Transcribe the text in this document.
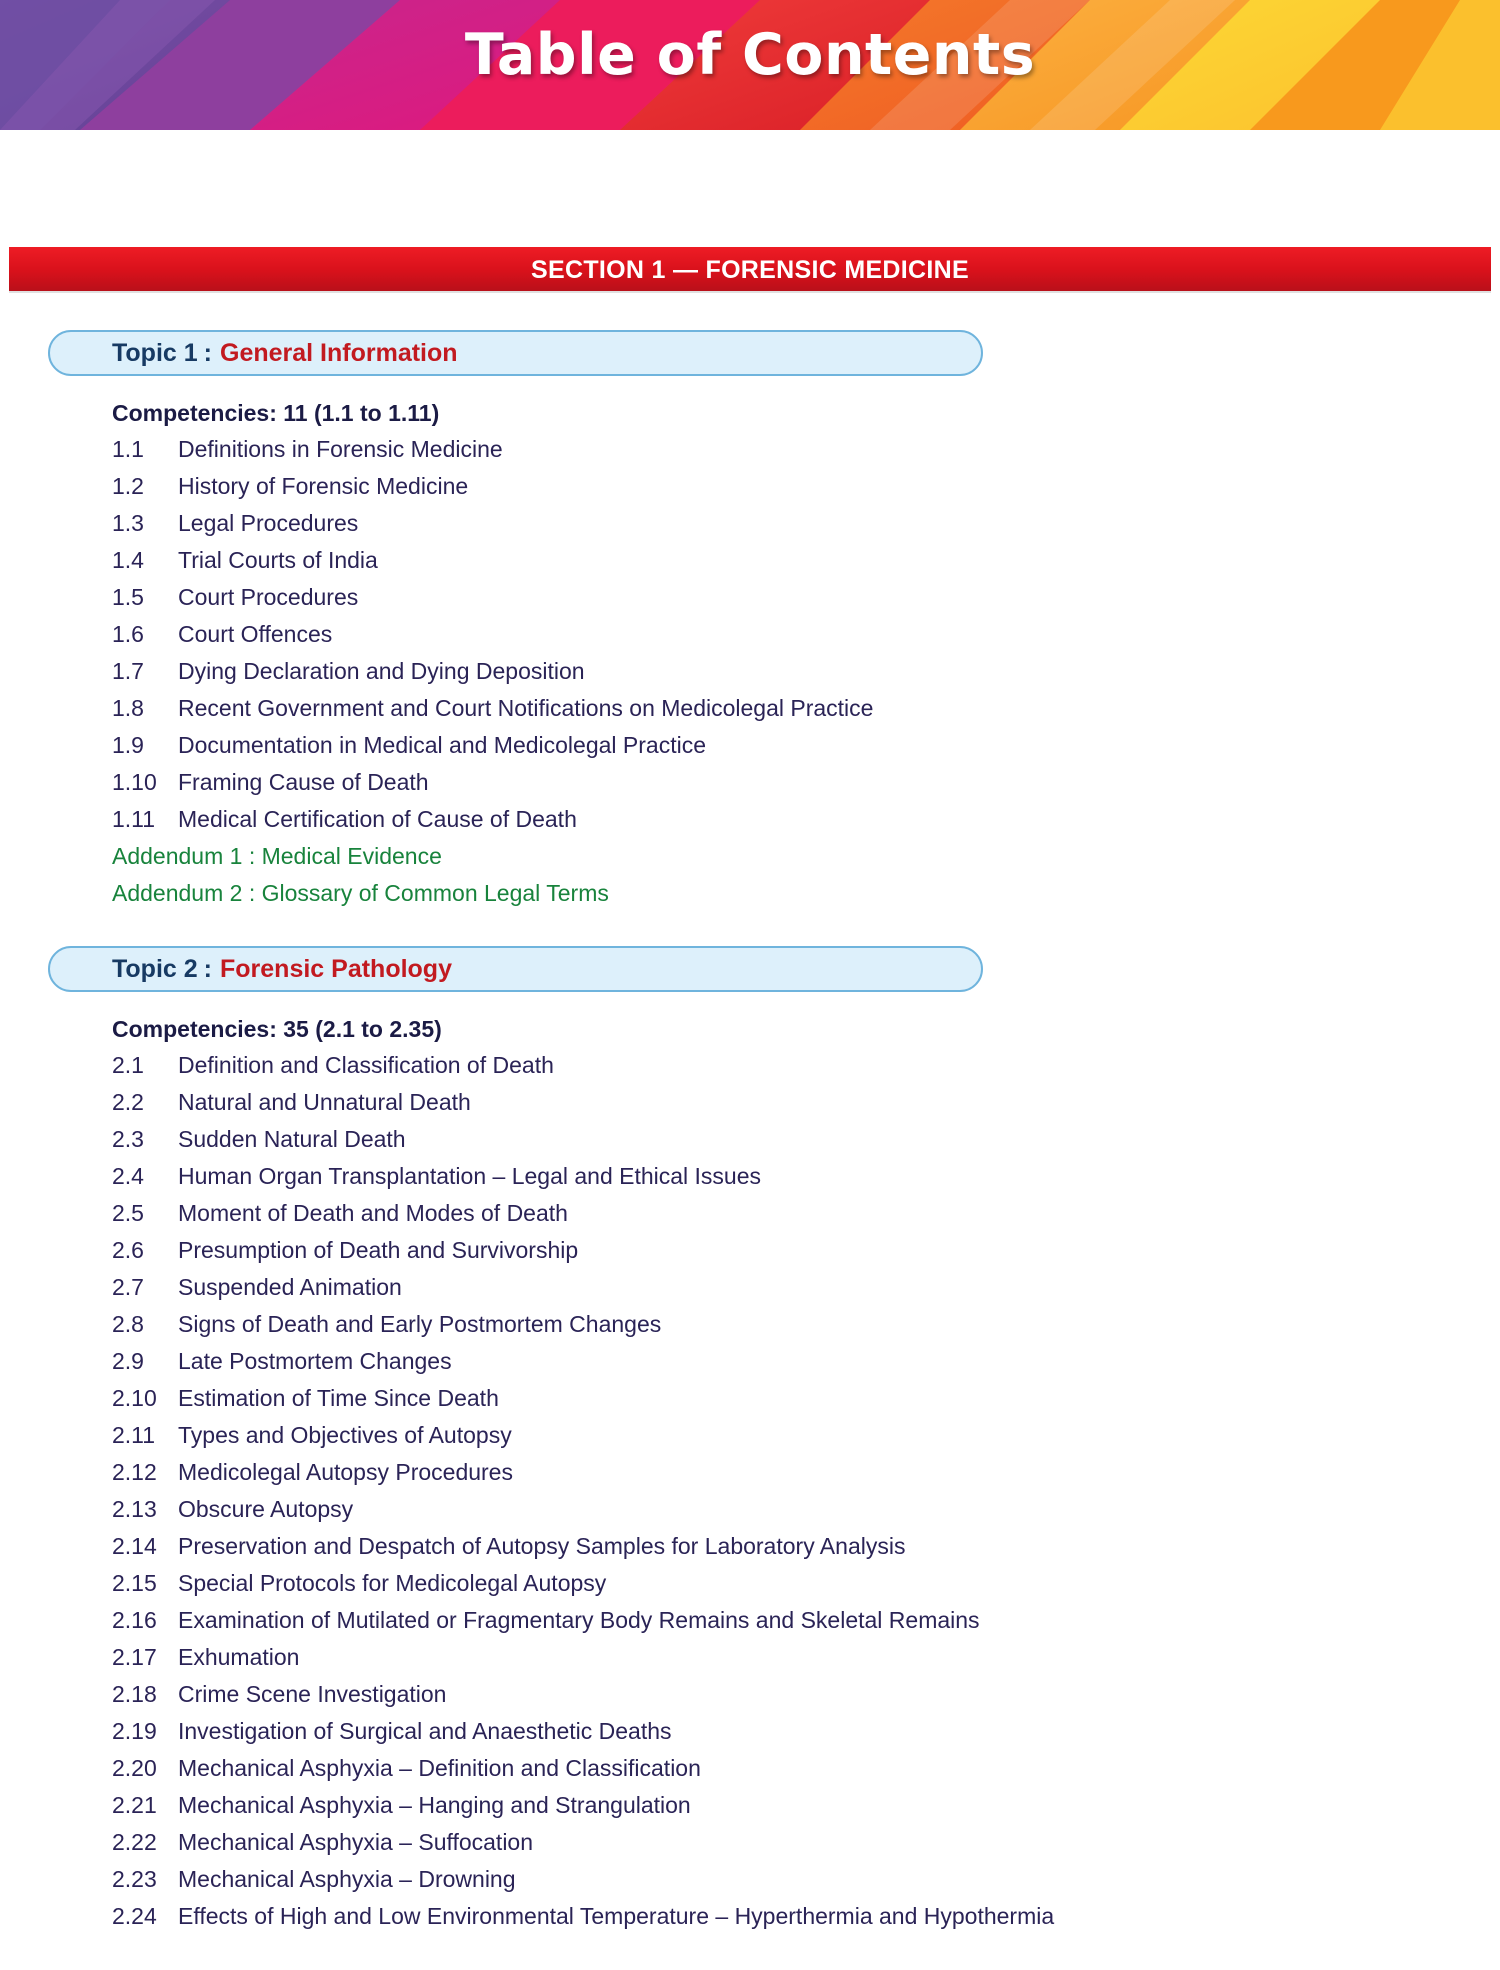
Table of Contents
SECTION 1 — FORENSIC MEDICINE
Topic 1 : General Information
Competencies: 11 (1.1 to 1.11)
1.1	Definitions in Forensic Medicine
1.2	History of Forensic Medicine
1.3	Legal Procedures
1.4	Trial Courts of India
1.5	Court Procedures
1.6	Court Offences
1.7	Dying Declaration and Dying Deposition
1.8	Recent Government and Court Notifications on Medicolegal Practice
1.9	Documentation in Medical and Medicolegal Practice
1.10 Framing Cause of Death
1.11 Medical Certification of Cause of Death
Addendum 1 : Medical Evidence
Addendum 2 : Glossary of Common Legal Terms
Topic 2 : Forensic Pathology
Competencies: 35 (2.1 to 2.35)
2.1	Definition and Classification of Death
2.2	Natural and Unnatural Death
2.3	Sudden Natural Death
2.4	Human Organ Transplantation – Legal and Ethical Issues
2.5	Moment of Death and Modes of Death
2.6	Presumption of Death and Survivorship
2.7	Suspended Animation
2.8	Signs of Death and Early Postmortem Changes
2.9	Late Postmortem Changes
2.10 Estimation of Time Since Death
2.11 Types and Objectives of Autopsy
2.12 Medicolegal Autopsy Procedures
2.13 Obscure Autopsy
2.14 Preservation and Despatch of Autopsy Samples for Laboratory Analysis
2.15 Special Protocols for Medicolegal Autopsy
2.16 Examination of Mutilated or Fragmentary Body Remains and Skeletal Remains
2.17 Exhumation
2.18 Crime Scene Investigation
2.19 Investigation of Surgical and Anaesthetic Deaths
2.20 Mechanical Asphyxia – Definition and Classification
2.21 Mechanical Asphyxia – Hanging and Strangulation
2.22 Mechanical Asphyxia – Suffocation
2.23 Mechanical Asphyxia – Drowning
2.24 Effects of High and Low Environmental Temperature – Hyperthermia and Hypothermia
